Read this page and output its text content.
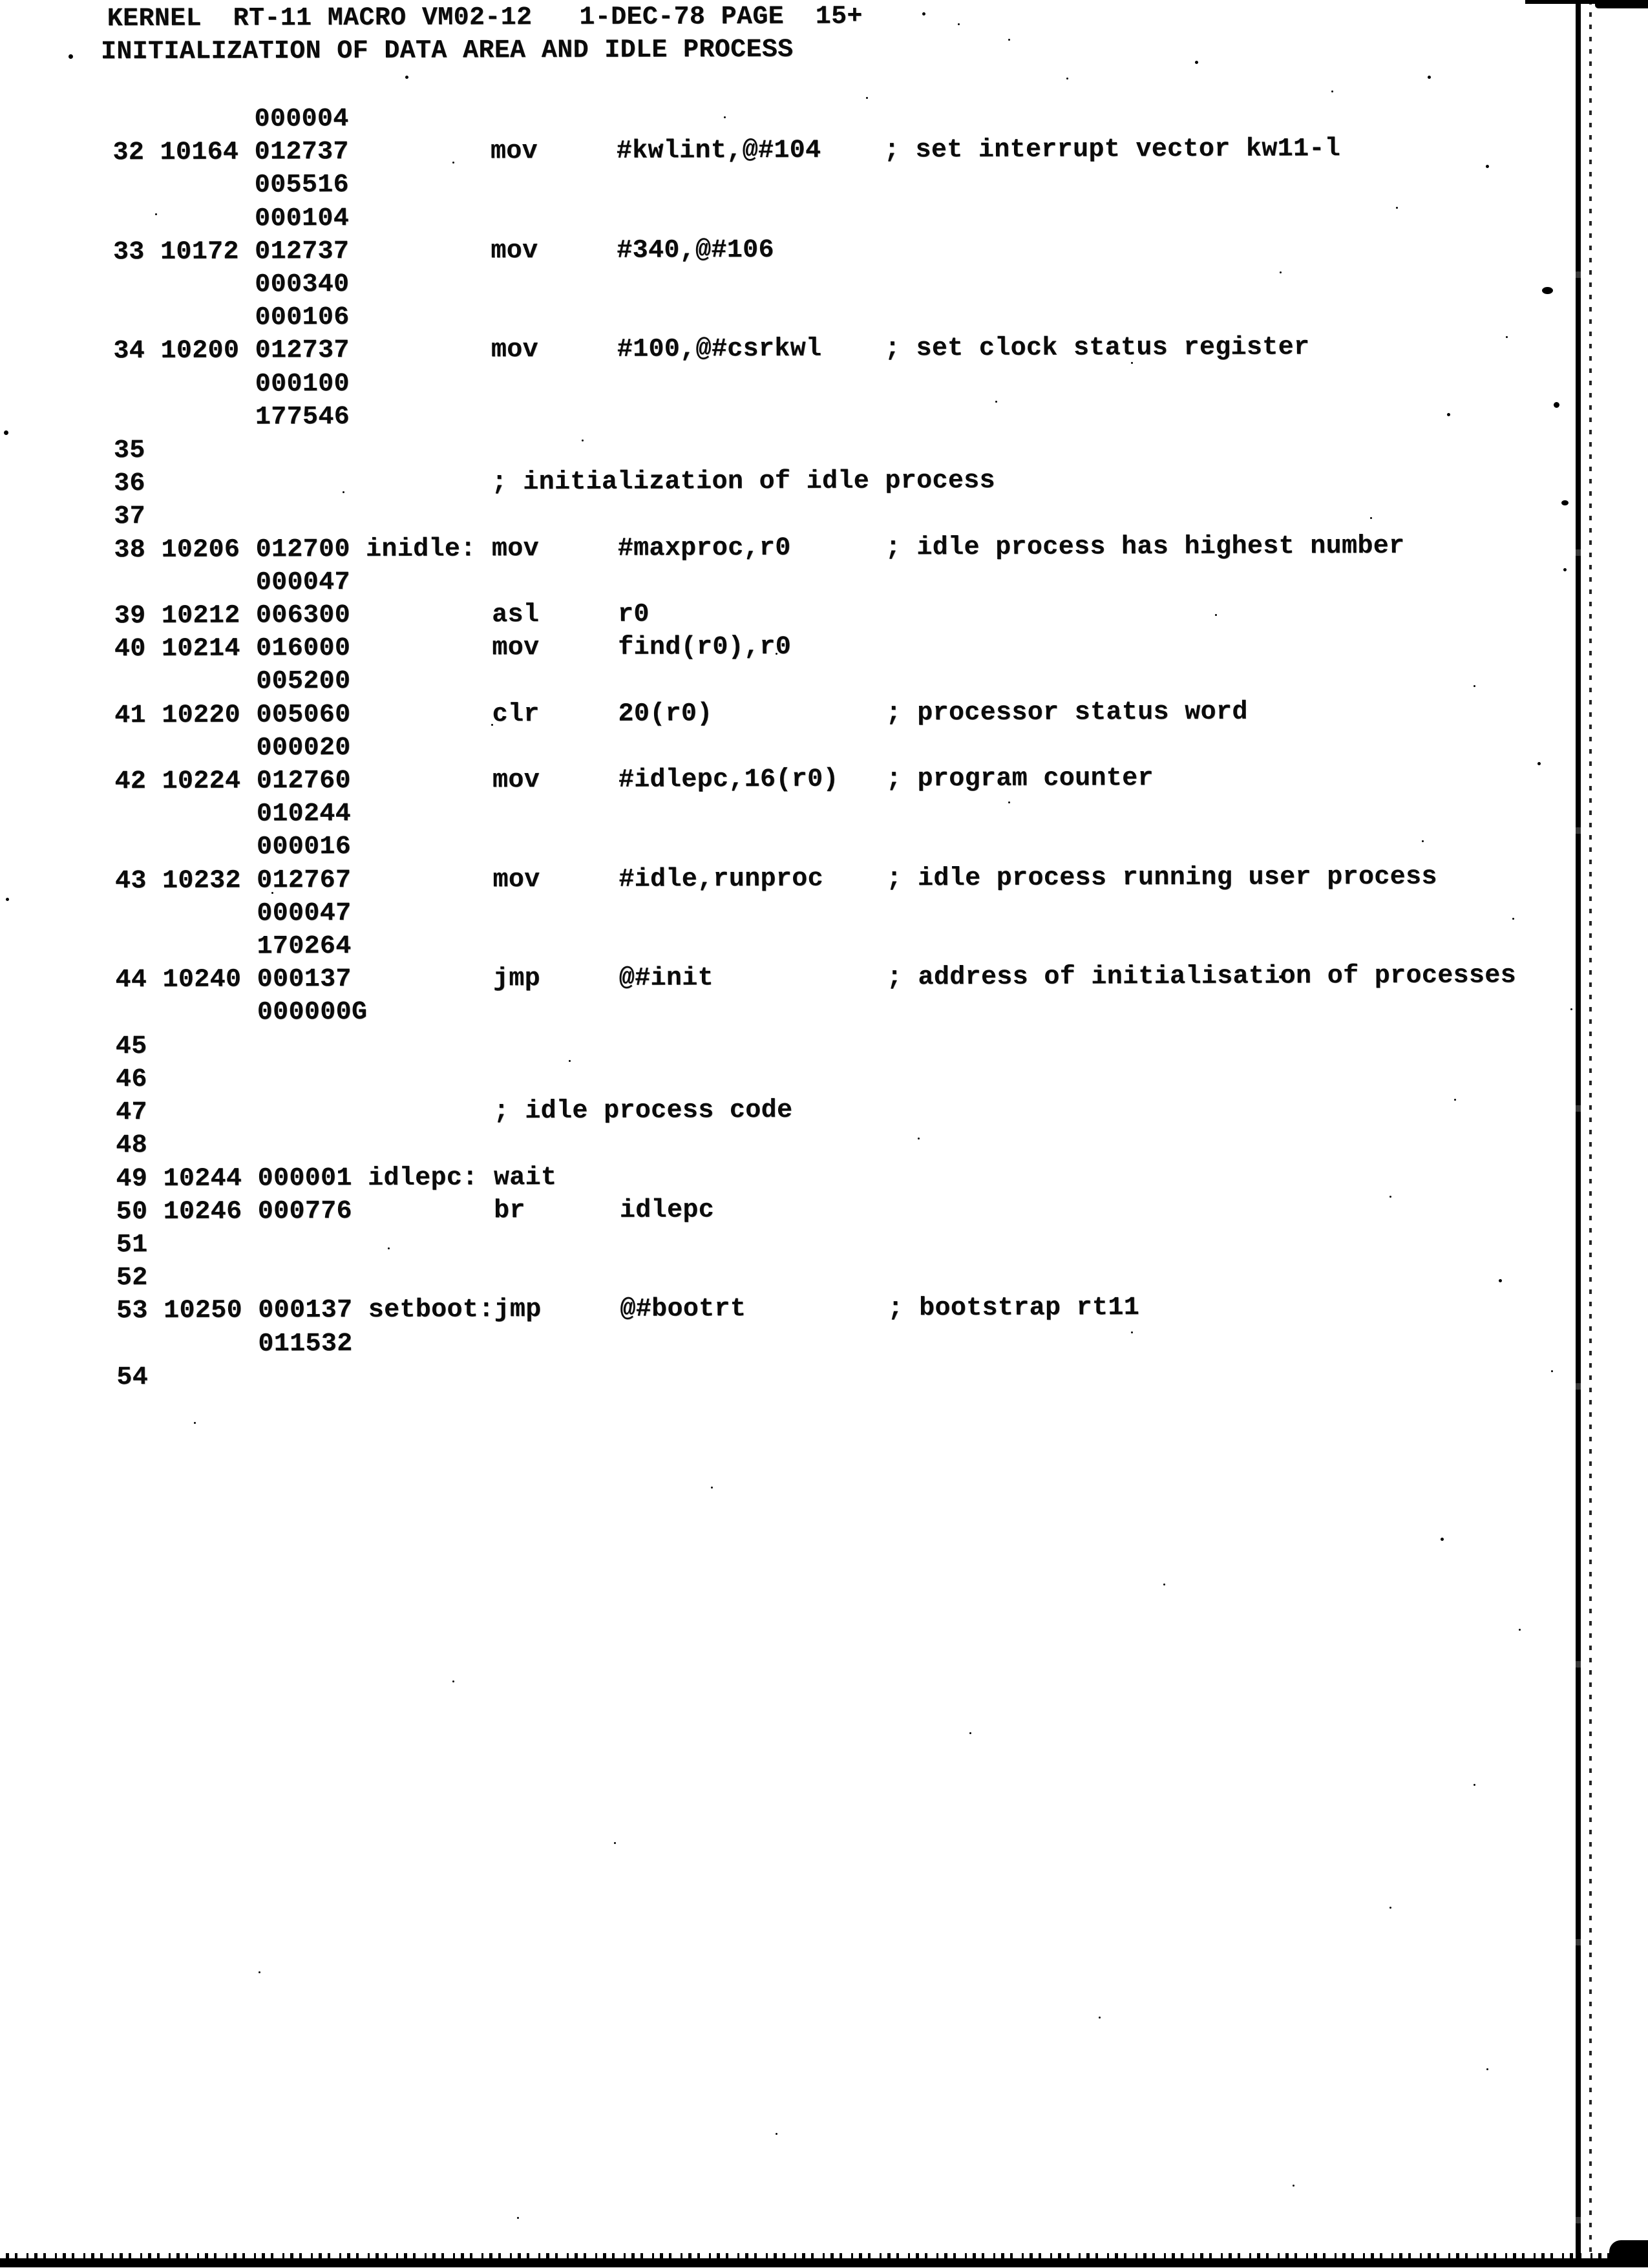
KERNEL  RT-11 MACRO VM02-12   1-DEC-78 PAGE  15+
INITIALIZATION OF DATA AREA AND IDLE PROCESS
000004
32 10164 012737         mov     #kwlint,@#104    ; set interrupt vector kw11-l
005516
000104
33 10172 012737         mov     #340,@#106
000340
000106
34 10200 012737         mov     #100,@#csrkwl    ; set clock status register
000100
177546
35
36                      ; initialization of idle process
37
38 10206 012700 inidle: mov     #maxproc,r0      ; idle process has highest number
000047
39 10212 006300         asl     r0
40 10214 016000         mov     find(r0),r0
005200
41 10220 005060         clr     20(r0)           ; processor status word
000020
42 10224 012760         mov     #idlepc,16(r0)   ; program counter
010244
000016
43 10232 012767         mov     #idle,runproc    ; idle process running user process
000047
170264
44 10240 000137         jmp     @#init           ; address of initialisation of processes
000000G
45
46
47                      ; idle process code
48
49 10244 000001 idlepc: wait
50 10246 000776         br      idlepc
51
52
53 10250 000137 setboot:jmp     @#bootrt         ; bootstrap rt11
011532
54
